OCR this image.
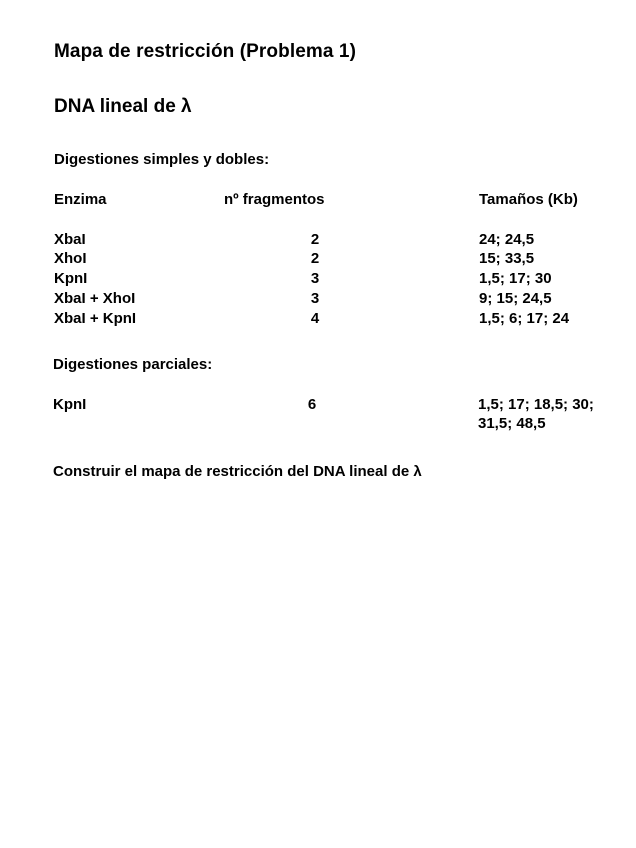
Mapa de restricción (Problema 1)
DNA lineal de λ
Digestiones simples y dobles:
Enzima	nº fragmentos	Tamaños (Kb)
XbaI	2	24; 24,5
XhoI	2	15; 33,5
KpnI	3	1,5; 17; 30
XbaI + XhoI	3	9; 15; 24,5
XbaI + KpnI	4	1,5; 6; 17; 24
Digestiones parciales:
KpnI	6	1,5; 17; 18,5; 30;
31,5; 48,5
Construir el mapa de restricción del DNA lineal de λ
